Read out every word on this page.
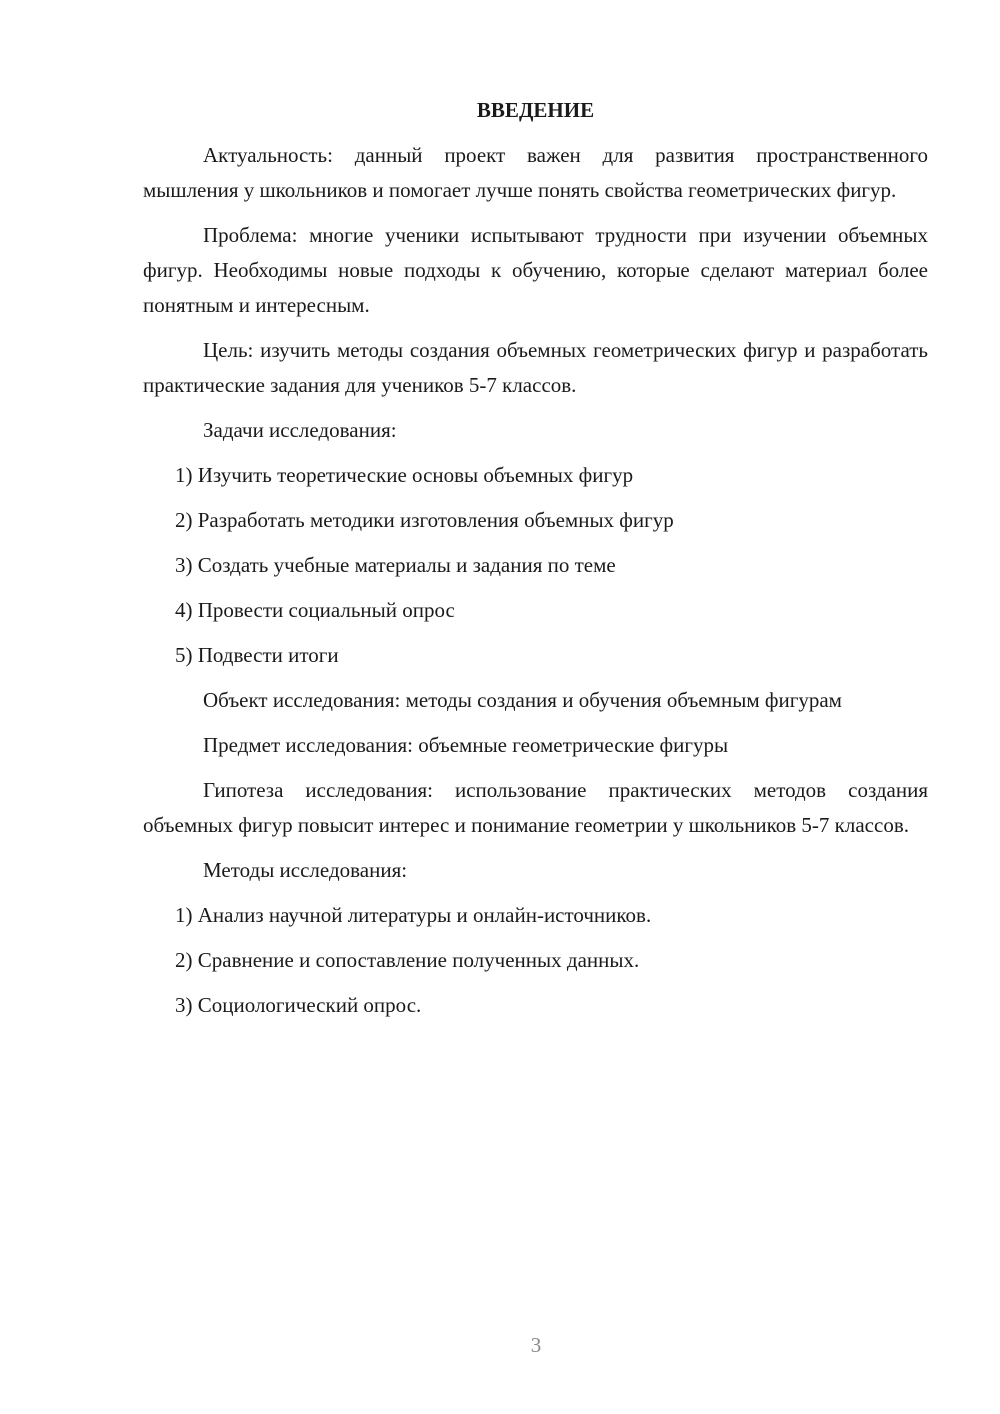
ВВЕДЕНИЕ

Актуальность: данный проект важен для развития пространственного мышления у школьников и помогает лучше понять свойства геометрических фигур.

Проблема: многие ученики испытывают трудности при изучении объемных фигур. Необходимы новые подходы к обучению, которые сделают материал более понятным и интересным.

Цель: изучить методы создания объемных геометрических фигур и разработать практические задания для учеников 5-7 классов.

Задачи исследования:

1) Изучить теоретические основы объемных фигур

2) Разработать методики изготовления объемных фигур

3) Создать учебные материалы и задания по теме

4) Провести социальный опрос

5) Подвести итоги

Объект исследования: методы создания и обучения объемным фигурам

Предмет исследования: объемные геометрические фигуры

Гипотеза исследования: использование практических методов создания объемных фигур повысит интерес и понимание геометрии у школьников 5-7 классов.

Методы исследования:

1) Анализ научной литературы и онлайн-источников.

2) Сравнение и сопоставление полученных данных.

3) Социологический опрос.

3
